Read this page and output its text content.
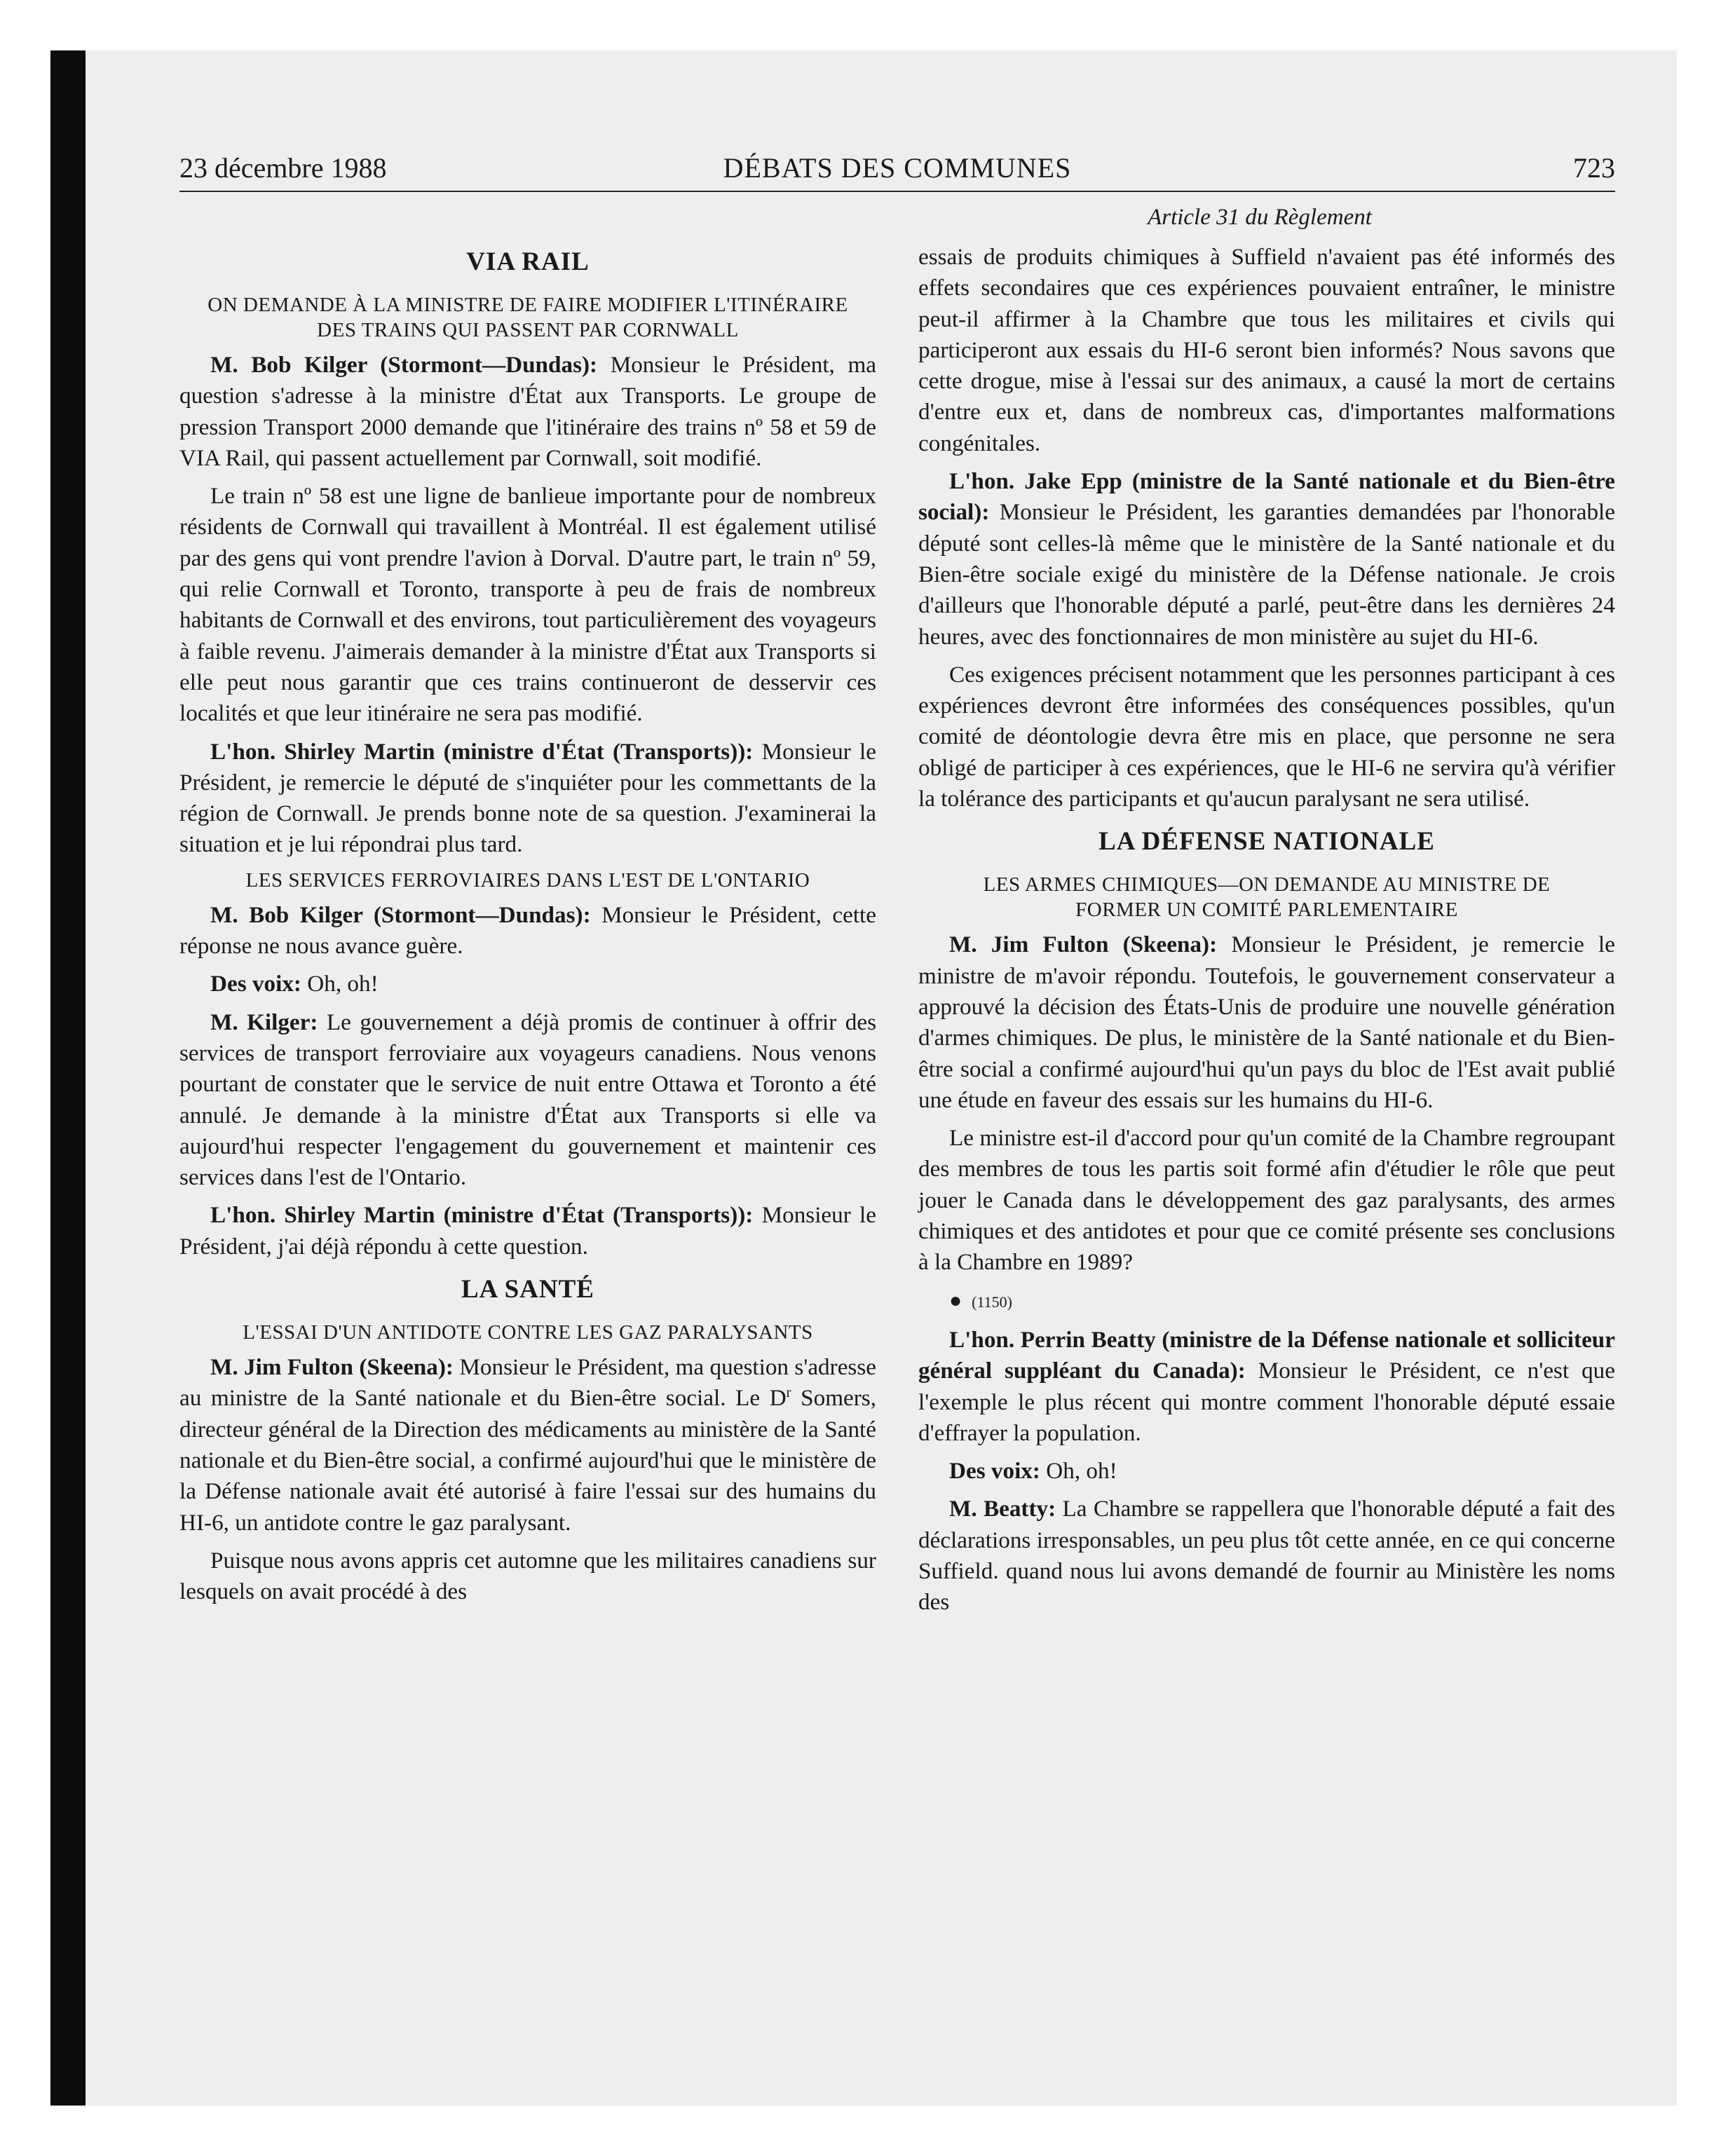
23 décembre 1988	DÉBATS DES COMMUNES	723
Article 31 du Règlement
VIA RAIL
ON DEMANDE À LA MINISTRE DE FAIRE MODIFIER L'ITINÉRAIRE DES TRAINS QUI PASSENT PAR CORNWALL

M. Bob Kilger (Stormont—Dundas): Monsieur le Président, ma question s'adresse à la ministre d'État aux Transports. Le groupe de pression Transport 2000 demande que l'itinéraire des trains nº 58 et 59 de VIA Rail, qui passent actuellement par Cornwall, soit modifié.

Le train nº 58 est une ligne de banlieue importante pour de nombreux résidents de Cornwall qui travaillent à Montréal. Il est également utilisé par des gens qui vont prendre l'avion à Dorval. D'autre part, le train nº 59, qui relie Cornwall et Toronto, transporte à peu de frais de nombreux habitants de Cornwall et des environs, tout particulièrement des voyageurs à faible revenu. J'aimerais demander à la ministre d'État aux Transports si elle peut nous garantir que ces trains continueront de desservir ces localités et que leur itinéraire ne sera pas modifié.

L'hon. Shirley Martin (ministre d'État (Transports)): Monsieur le Président, je remercie le député de s'inquiéter pour les commettants de la région de Cornwall. Je prends bonne note de sa question. J'examinerai la situation et je lui répondrai plus tard.

LES SERVICES FERROVIAIRES DANS L'EST DE L'ONTARIO

M. Bob Kilger (Stormont—Dundas): Monsieur le Président, cette réponse ne nous avance guère.

Des voix: Oh, oh!

M. Kilger: Le gouvernement a déjà promis de continuer à offrir des services de transport ferroviaire aux voyageurs canadiens. Nous venons pourtant de constater que le service de nuit entre Ottawa et Toronto a été annulé. Je demande à la ministre d'État aux Transports si elle va aujourd'hui respecter l'engagement du gouvernement et maintenir ces services dans l'est de l'Ontario.

L'hon. Shirley Martin (ministre d'État (Transports)): Monsieur le Président, j'ai déjà répondu à cette question.

LA SANTÉ
L'ESSAI D'UN ANTIDOTE CONTRE LES GAZ PARALYSANTS

M. Jim Fulton (Skeena): Monsieur le Président, ma question s'adresse au ministre de la Santé nationale et du Bien-être social. Le $D^r$ Somers, directeur général de la Direction des médicaments au ministère de la Santé nationale et du Bien-être social, a confirmé aujourd'hui que le ministère de la Défense nationale avait été autorisé à faire l'essai sur des humains du HI-6, un antidote contre le gaz paralysant.

Puisque nous avons appris cet automne que les militaires canadiens sur lesquels on avait procédé à des

essais de produits chimiques à Suffield n'avaient pas été informés des effets secondaires que ces expériences pouvaient entraîner, le ministre peut-il affirmer à la Chambre que tous les militaires et civils qui participeront aux essais du HI-6 seront bien informés? Nous savons que cette drogue, mise à l'essai sur des animaux, a causé la mort de certains d'entre eux et, dans de nombreux cas, d'importantes malformations congénitales.

L'hon. Jake Epp (ministre de la Santé nationale et du Bien-être social): Monsieur le Président, les garanties demandées par l'honorable député sont celles-là même que le ministère de la Santé nationale et du Bien-être sociale exigé du ministère de la Défense nationale. Je crois d'ailleurs que l'honorable député a parlé, peut-être dans les dernières 24 heures, avec des fonctionnaires de mon ministère au sujet du HI-6.

Ces exigences précisent notamment que les personnes participant à ces expériences devront être informées des conséquences possibles, qu'un comité de déontologie devra être mis en place, que personne ne sera obligé de participer à ces expériences, que le HI-6 ne servira qu'à vérifier la tolérance des participants et qu'aucun paralysant ne sera utilisé.

LA DÉFENSE NATIONALE
LES ARMES CHIMIQUES—ON DEMANDE AU MINISTRE DE FORMER UN COMITÉ PARLEMENTAIRE

M. Jim Fulton (Skeena): Monsieur le Président, je remercie le ministre de m'avoir répondu. Toutefois, le gouvernement conservateur a approuvé la décision des États-Unis de produire une nouvelle génération d'armes chimiques. De plus, le ministère de la Santé nationale et du Bien-être social a confirmé aujourd'hui qu'un pays du bloc de l'Est avait publié une étude en faveur des essais sur les humains du HI-6.

Le ministre est-il d'accord pour qu'un comité de la Chambre regroupant des membres de tous les partis soit formé afin d'étudier le rôle que peut jouer le Canada dans le développement des gaz paralysants, des armes chimiques et des antidotes et pour que ce comité présente ses conclusions à la Chambre en 1989?

● (1150)

L'hon. Perrin Beatty (ministre de la Défense nationale et solliciteur général suppléant du Canada): Monsieur le Président, ce n'est que l'exemple le plus récent qui montre comment l'honorable député essaie d'effrayer la population.

Des voix: Oh, oh!

M. Beatty: La Chambre se rappellera que l'honorable député a fait des déclarations irresponsables, un peu plus tôt cette année, en ce qui concerne Suffield. quand nous lui avons demandé de fournir au Ministère les noms des
